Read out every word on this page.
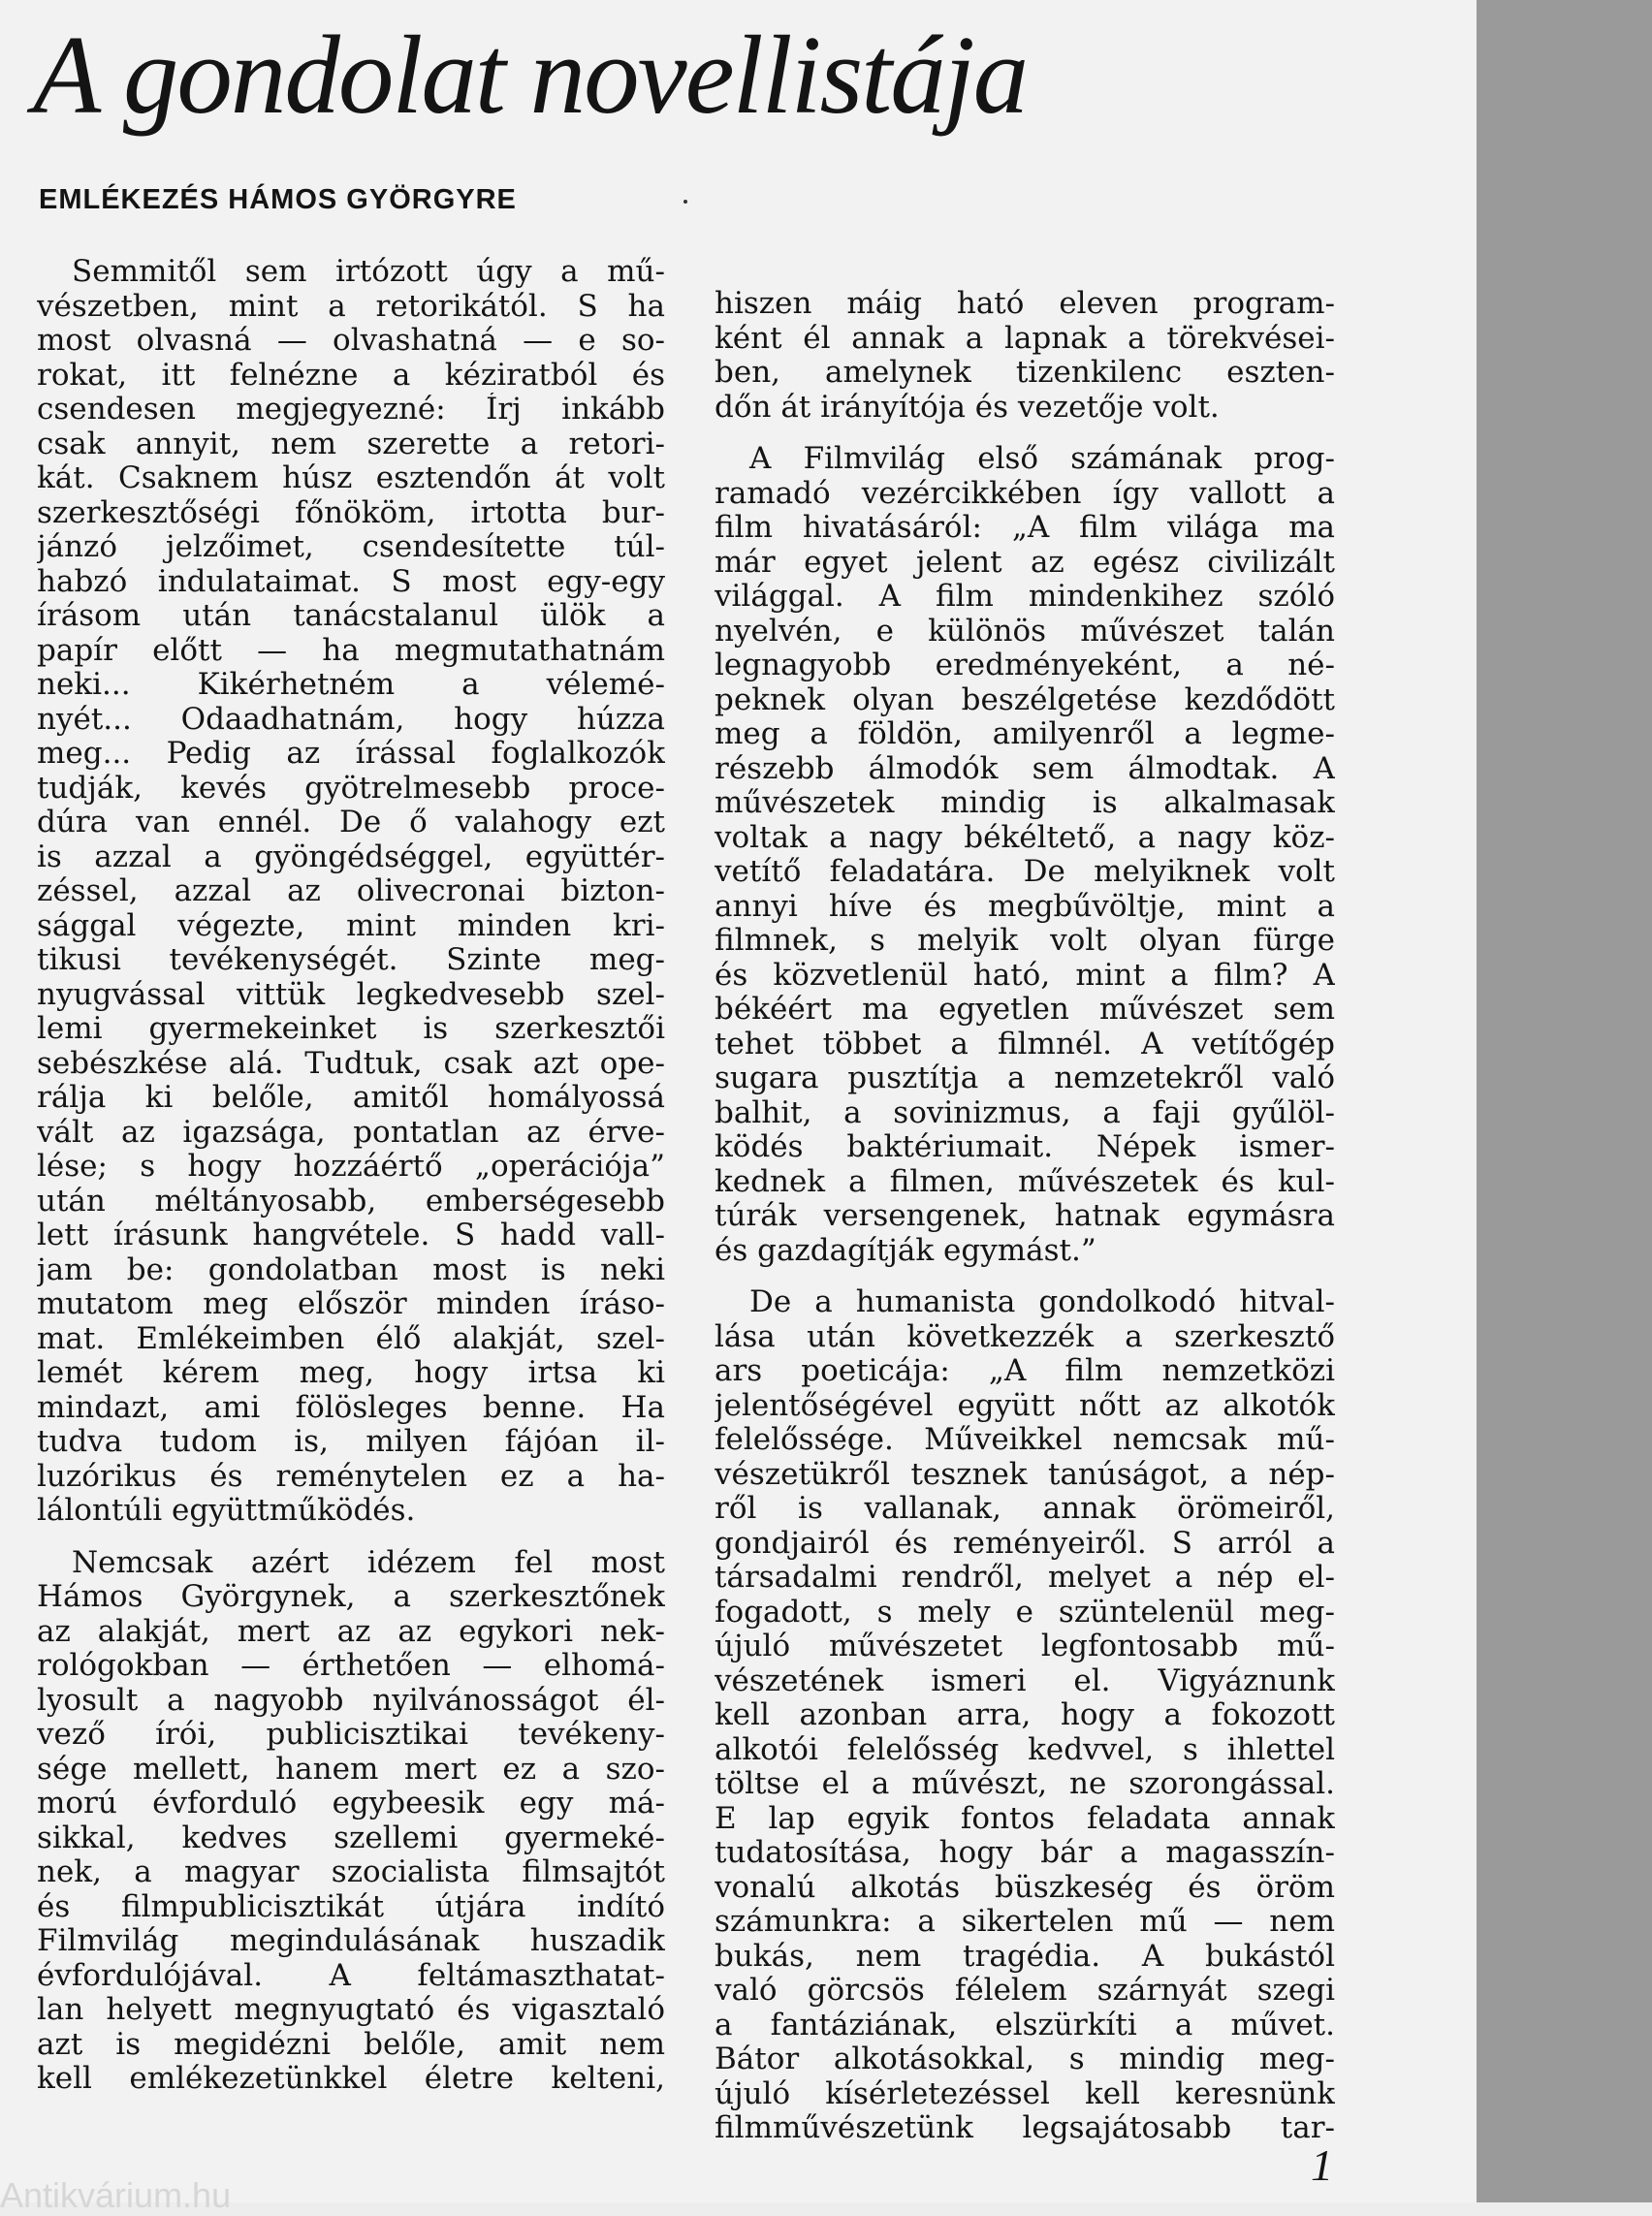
A gondolat novellistája
EMLÉKEZÉS HÁMOS GYÖRGYRE
Semmitől sem irtózott úgy a mű-
vészetben, mint a retorikától. S ha
most olvasná — olvashatná — e so-
rokat, itt felnézne a kéziratból és
csendesen megjegyezné: Írj inkább
csak annyit, nem szerette a retori-
kát. Csaknem húsz esztendőn át volt
szerkesztőségi főnököm, irtotta bur-
jánzó jelzőimet, csendesítette túl-
habzó indulataimat. S most egy-egy
írásom után tanácstalanul ülök a
papír előtt — ha megmutathatnám
neki... Kikérhetném a vélemé-
nyét... Odaadhatnám, hogy húzza
meg... Pedig az írással foglalkozók
tudják, kevés gyötrelmesebb proce-
dúra van ennél. De ő valahogy ezt
is azzal a gyöngédséggel, együttér-
zéssel, azzal az olivecronai bizton-
sággal végezte, mint minden kri-
tikusi tevékenységét. Szinte meg-
nyugvással vittük legkedvesebb szel-
lemi gyermekeinket is szerkesztői
sebészkése alá. Tudtuk, csak azt ope-
rálja ki belőle, amitől homályossá
vált az igazsága, pontatlan az érve-
lése; s hogy hozzáértő „operációja”
után méltányosabb, emberségesebb
lett írásunk hangvétele. S hadd vall-
jam be: gondolatban most is neki
mutatom meg először minden íráso-
mat. Emlékeimben élő alakját, szel-
lemét kérem meg, hogy irtsa ki
mindazt, ami fölösleges benne. Ha
tudva tudom is, milyen fájóan il-
luzórikus és reménytelen ez a ha-
lálontúli együttműködés.
Nemcsak azért idézem fel most
Hámos Györgynek, a szerkesztőnek
az alakját, mert az az egykori nek-
rológokban — érthetően — elhomá-
lyosult a nagyobb nyilvánosságot él-
vező írói, publicisztikai tevékeny-
sége mellett, hanem mert ez a szo-
morú évforduló egybeesik egy má-
sikkal, kedves szellemi gyermeké-
nek, a magyar szocialista filmsajtót
és filmpublicisztikát útjára indító
Filmvilág megindulásának huszadik
évfordulójával. A feltámaszthatat-
lan helyett megnyugtató és vigasztaló
azt is megidézni belőle, amit nem
kell emlékezetünkkel életre kelteni,
hiszen máig ható eleven program-
ként él annak a lapnak a törekvései-
ben, amelynek tizenkilenc eszten-
dőn át irányítója és vezetője volt.
A Filmvilág első számának prog-
ramadó vezércikkében így vallott a
film hivatásáról: „A film világa ma
már egyet jelent az egész civilizált
világgal. A film mindenkihez szóló
nyelvén, e különös művészet talán
legnagyobb eredményeként, a né-
peknek olyan beszélgetése kezdődött
meg a földön, amilyenről a legme-
részebb álmodók sem álmodtak. A
művészetek mindig is alkalmasak
voltak a nagy békéltető, a nagy köz-
vetítő feladatára. De melyiknek volt
annyi híve és megbűvöltje, mint a
filmnek, s melyik volt olyan fürge
és közvetlenül ható, mint a film? A
békéért ma egyetlen művészet sem
tehet többet a filmnél. A vetítőgép
sugara pusztítja a nemzetekről való
balhit, a sovinizmus, a faji gyűlöl-
ködés baktériumait. Népek ismer-
kednek a filmen, művészetek és kul-
túrák versengenek, hatnak egymásra
és gazdagítják egymást.”
De a humanista gondolkodó hitval-
lása után következzék a szerkesztő
ars poeticája: „A film nemzetközi
jelentőségével együtt nőtt az alkotók
felelőssége. Műveikkel nemcsak mű-
vészetükről tesznek tanúságot, a nép-
ről is vallanak, annak örömeiről,
gondjairól és reményeiről. S arról a
társadalmi rendről, melyet a nép el-
fogadott, s mely e szüntelenül meg-
újuló művészetet legfontosabb mű-
vészetének ismeri el. Vigyáznunk
kell azonban arra, hogy a fokozott
alkotói felelősség kedvvel, s ihlettel
töltse el a művészt, ne szorongással.
E lap egyik fontos feladata annak
tudatosítása, hogy bár a magasszín-
vonalú alkotás büszkeség és öröm
számunkra: a sikertelen mű — nem
bukás, nem tragédia. A bukástól
való görcsös félelem szárnyát szegi
a fantáziának, elszürkíti a művet.
Bátor alkotásokkal, s mindig meg-
újuló kísérletezéssel kell keresnünk
filmművészetünk legsajátosabb tar-
1
Antikvárium.hu
